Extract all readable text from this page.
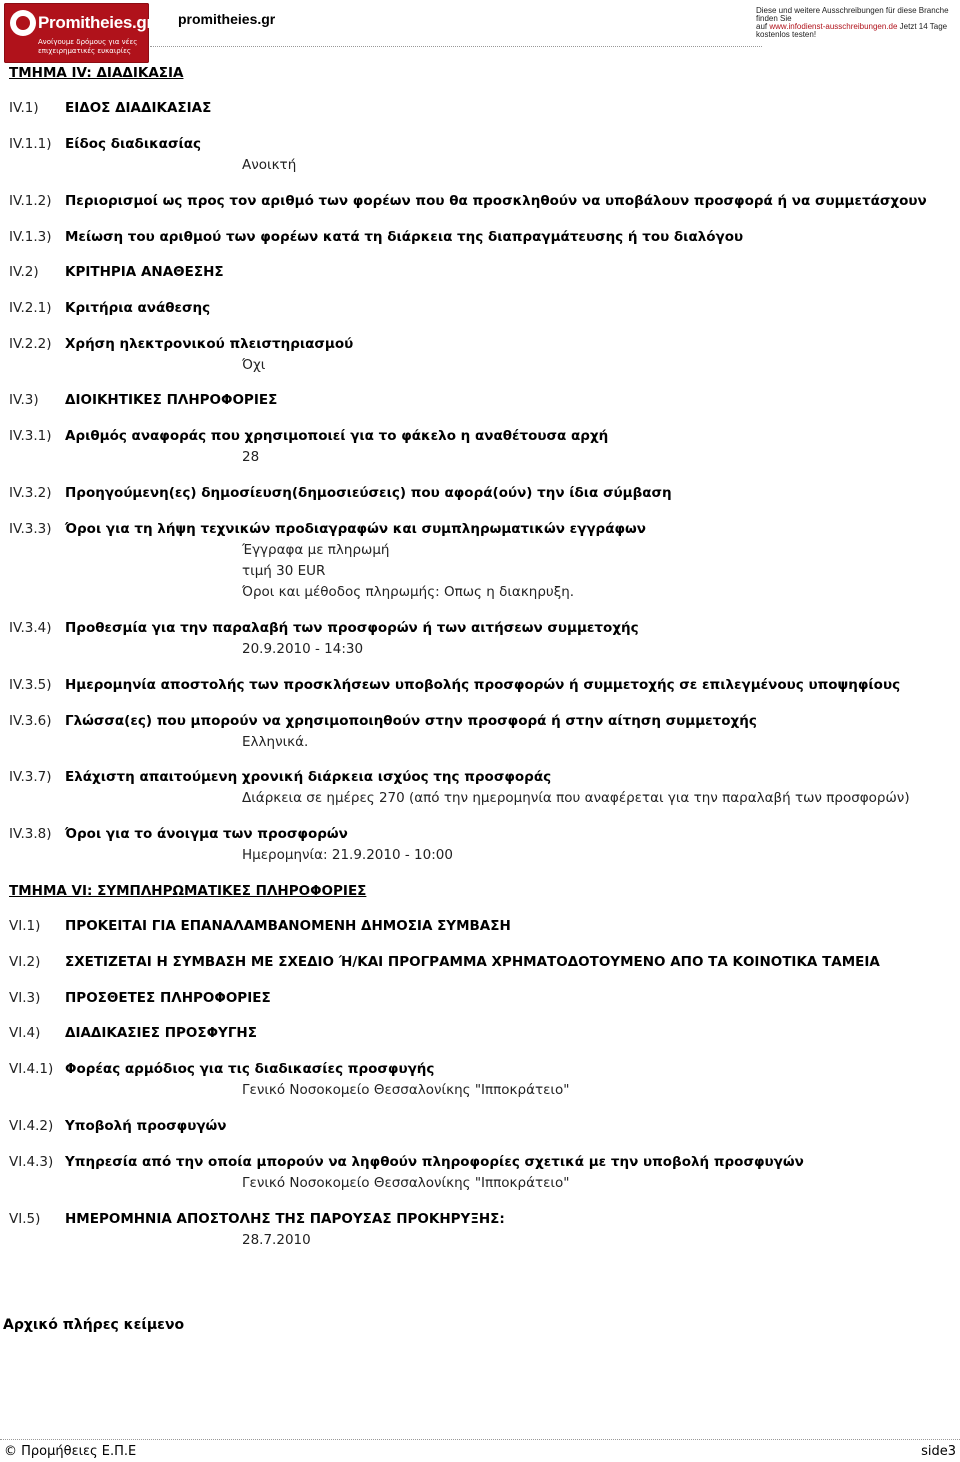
Promitheies.gr
Ανοίγουμε δρόμους για νέες
επιχειρηματικές ευκαιρίες
promitheies.gr
Diese und weitere Ausschreibungen für diese Branche finden Sie
auf www.infodienst-ausschreibungen.de Jetzt 14 Tage
kostenlos testen!
ΤΜΗΜΑ IV: ΔΙΑΔΙΚΑΣΙΑ
IV.1) ΕΙΔΟΣ ΔΙΑΔΙΚΑΣΙΑΣ
IV.1.1) Είδος διαδικασίας
Ανοικτή
IV.1.2) Περιορισμοί ως προς τον αριθμό των φορέων που θα προσκληθούν να υποβάλουν προσφορά ή να συμμετάσχουν
IV.1.3) Μείωση του αριθμού των φορέων κατά τη διάρκεια της διαπραγμάτευσης ή του διαλόγου
IV.2) ΚΡΙΤΗΡΙΑ ΑΝΑΘΕΣΗΣ
IV.2.1) Κριτήρια ανάθεσης
IV.2.2) Χρήση ηλεκτρονικού πλειστηριασμού
Όχι
IV.3) ΔΙΟΙΚΗΤΙΚΕΣ ΠΛΗΡΟΦΟΡΙΕΣ
IV.3.1) Αριθμός αναφοράς που χρησιμοποιεί για το φάκελο η αναθέτουσα αρχή
28
IV.3.2) Προηγούμενη(ες) δημοσίευση(δημοσιεύσεις) που αφορά(ούν) την ίδια σύμβαση
IV.3.3) Όροι για τη λήψη τεχνικών προδιαγραφών και συμπληρωματικών εγγράφων
Έγγραφα με πληρωμή
τιμή 30 EUR
Όροι και μέθοδος πληρωμής: Οπως η διακηρυξη.
IV.3.4) Προθεσμία για την παραλαβή των προσφορών ή των αιτήσεων συμμετοχής
20.9.2010 - 14:30
IV.3.5) Ημερομηνία αποστολής των προσκλήσεων υποβολής προσφορών ή συμμετοχής σε επιλεγμένους υποψηφίους
IV.3.6) Γλώσσα(ες) που μπορούν να χρησιμοποιηθούν στην προσφορά ή στην αίτηση συμμετοχής
Ελληνικά.
IV.3.7) Ελάχιστη απαιτούμενη χρονική διάρκεια ισχύος της προσφοράς
Διάρκεια σε ημέρες 270 (από την ημερομηνία που αναφέρεται για την παραλαβή των προσφορών)
IV.3.8) Όροι για το άνοιγμα των προσφορών
Ημερομηνία: 21.9.2010 - 10:00
ΤΜΗΜΑ VI: ΣΥΜΠΛΗΡΩΜΑΤΙΚΕΣ ΠΛΗΡΟΦΟΡΙΕΣ
VI.1) ΠΡΟΚΕΙΤΑΙ ΓΙΑ ΕΠΑΝΑΛΑΜΒΑΝΟΜΕΝΗ ΔΗΜΟΣΙΑ ΣΥΜΒΑΣΗ
VI.2) ΣΧΕΤΙΖΕΤΑΙ Η ΣΥΜΒΑΣΗ ΜΕ ΣΧΕΔΙΟ Ή/ΚΑΙ ΠΡΟΓΡΑΜΜΑ ΧΡΗΜΑΤΟΔΟΤΟΥΜΕΝΟ ΑΠΟ ΤΑ ΚΟΙΝΟΤΙΚΑ ΤΑΜΕΙΑ
VI.3) ΠΡΟΣΘΕΤΕΣ ΠΛΗΡΟΦΟΡΙΕΣ
VI.4) ΔΙΑΔΙΚΑΣΙΕΣ ΠΡΟΣΦΥΓΗΣ
VI.4.1) Φορέας αρμόδιος για τις διαδικασίες προσφυγής
Γενικό Νοσοκομείο Θεσσαλονίκης "Ιπποκράτειο"
VI.4.2) Υποβολή προσφυγών
VI.4.3) Υπηρεσία από την οποία μπορούν να ληφθούν πληροφορίες σχετικά με την υποβολή προσφυγών
Γενικό Νοσοκομείο Θεσσαλονίκης "Ιπποκράτειο"
VI.5) ΗΜΕΡΟΜΗΝΙΑ ΑΠΟΣΤΟΛΗΣ ΤΗΣ ΠΑΡΟΥΣΑΣ ΠΡΟΚΗΡΥΞΗΣ:
28.7.2010
Αρχικό πλήρες κείμενο
© Προμήθειες Ε.Π.Ε	side3
